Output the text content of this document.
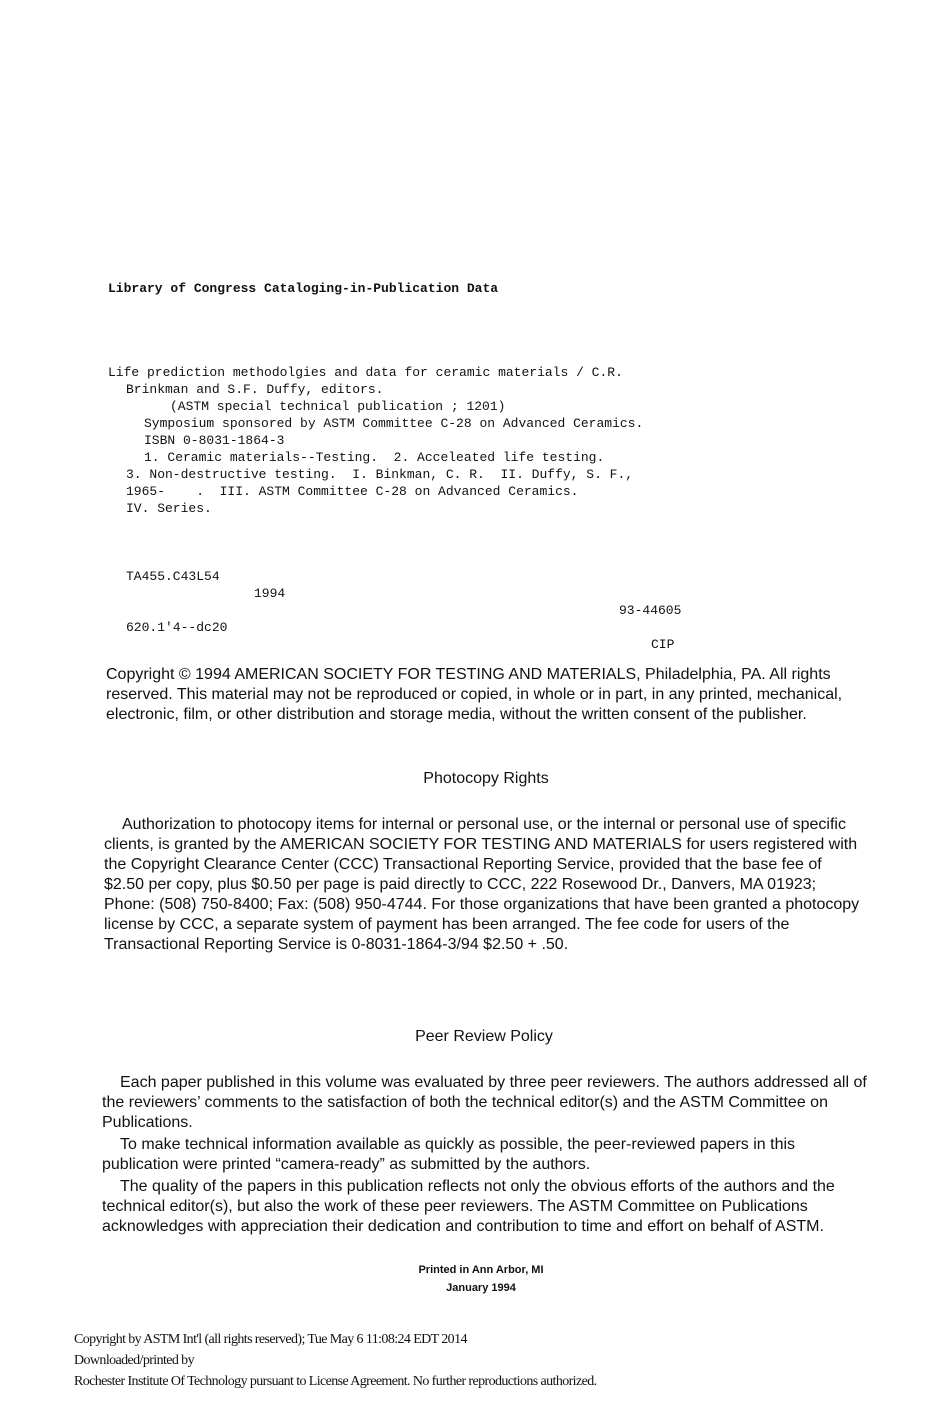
Library of Congress Cataloging-in-Publication Data

Life prediction methodolgies and data for ceramic materials / C.R.
Brinkman and S.F. Duffy, editors.
(ASTM special technical publication ; 1201)
Symposium sponsored by ASTM Committee C-28 on Advanced Ceramics.
ISBN 0-8031-1864-3
1. Ceramic materials--Testing.  2. Acceleated life testing.
3. Non-destructive testing.  I. Binkman, C. R.  II. Duffy, S. F.,
1965-    .  III. ASTM Committee C-28 on Advanced Ceramics.
IV. Series.

TA455.C43L54

1994

93-44605

620.1'4--dc20

CIP

Copyright © 1994 AMERICAN SOCIETY FOR TESTING AND MATERIALS, Philadelphia, PA. All rights reserved. This material may not be reproduced or copied, in whole or in part, in any printed, mechanical, electronic, film, or other distribution and storage media, without the written consent of the publisher.
Photocopy Rights
Authorization to photocopy items for internal or personal use, or the internal or personal use of specific clients, is granted by the AMERICAN SOCIETY FOR TESTING AND MATERIALS for users registered with the Copyright Clearance Center (CCC) Transactional Reporting Service, provided that the base fee of $2.50 per copy, plus $0.50 per page is paid directly to CCC, 222 Rosewood Dr., Danvers, MA 01923; Phone: (508) 750-8400; Fax: (508) 950-4744. For those organizations that have been granted a photocopy license by CCC, a separate system of payment has been arranged. The fee code for users of the Transactional Reporting Service is 0-8031-1864-3/94 $2.50 + .50.
Peer Review Policy
Each paper published in this volume was evaluated by three peer reviewers. The authors addressed all of the reviewers’ comments to the satisfaction of both the technical editor(s) and the ASTM Committee on Publications.
To make technical information available as quickly as possible, the peer-reviewed papers in this publication were printed “camera-ready” as submitted by the authors.
The quality of the papers in this publication reflects not only the obvious efforts of the authors and the technical editor(s), but also the work of these peer reviewers. The ASTM Committee on Publications acknowledges with appreciation their dedication and contribution to time and effort on behalf of ASTM.
Printed in Ann Arbor, MI
January 1994
Copyright by ASTM Int'l (all rights reserved); Tue May 6 11:08:24 EDT 2014
Downloaded/printed by
Rochester Institute Of Technology pursuant to License Agreement. No further reproductions authorized.
